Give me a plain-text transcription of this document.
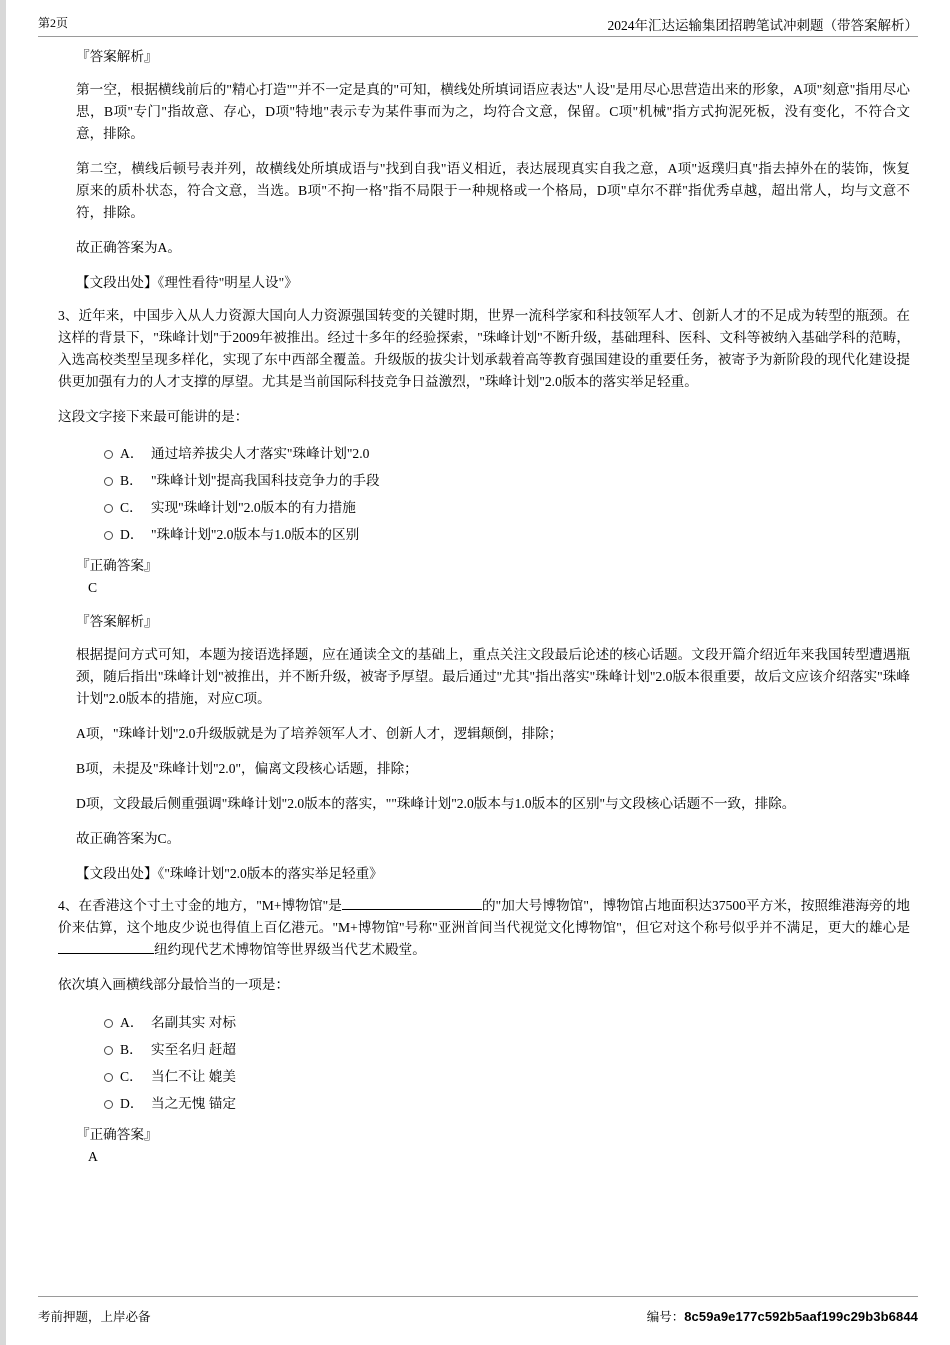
第2页	2024年汇达运输集团招聘笔试冲刺题（带答案解析）
『答案解析』

第一空，根据横线前后的"精心打造""并不一定是真的"可知，横线处所填词语应表达"人设"是用尽心思营造出来的形象，A项"刻意"指用尽心思，B项"专门"指故意、存心，D项"特地"表示专为某件事而为之，均符合文意，保留。C项"机械"指方式拘泥死板，没有变化，不符合文意，排除。

第二空，横线后顿号表并列，故横线处所填成语与"找到自我"语义相近，表达展现真实自我之意，A项"返璞归真"指去掉外在的装饰，恢复原来的质朴状态，符合文意，当选。B项"不拘一格"指不局限于一种规格或一个格局，D项"卓尔不群"指优秀卓越，超出常人，均与文意不符，排除。

故正确答案为A。

【文段出处】《理性看待"明星人设"》

3、近年来，中国步入从人力资源大国向人力资源强国转变的关键时期，世界一流科学家和科技领军人才、创新人才的不足成为转型的瓶颈。在这样的背景下，"珠峰计划"于2009年被推出。经过十多年的经验探索，"珠峰计划"不断升级，基础理科、医科、文科等被纳入基础学科的范畴，入选高校类型呈现多样化，实现了东中西部全覆盖。升级版的拔尖计划承载着高等教育强国建设的重要任务，被寄予为新阶段的现代化建设提供更加强有力的人才支撑的厚望。尤其是当前国际科技竞争日益激烈，"珠峰计划"2.0版本的落实举足轻重。

这段文字接下来最可能讲的是：

A． 通过培养拔尖人才落实"珠峰计划"2.0
B． "珠峰计划"提高我国科技竞争力的手段
C． 实现"珠峰计划"2.0版本的有力措施
D． "珠峰计划"2.0版本与1.0版本的区别
『正确答案』
C
『答案解析』

根据提问方式可知，本题为接语选择题，应在通读全文的基础上，重点关注文段最后论述的核心话题。文段开篇介绍近年来我国转型遭遇瓶颈，随后指出"珠峰计划"被推出，并不断升级，被寄予厚望。最后通过"尤其"指出落实"珠峰计划"2.0版本很重要，故后文应该介绍落实"珠峰计划"2.0版本的措施，对应C项。

A项，"珠峰计划"2.0升级版就是为了培养领军人才、创新人才，逻辑颠倒，排除；

B项，未提及"珠峰计划"2.0"，偏离文段核心话题，排除；

D项，文段最后侧重强调"珠峰计划"2.0版本的落实，""珠峰计划"2.0版本与1.0版本的区别"与文段核心话题不一致，排除。

故正确答案为C。

【文段出处】《"珠峰计划"2.0版本的落实举足轻重》

4、在香港这个寸土寸金的地方，"M+博物馆"是	的"加大号博物馆"，博物馆占地面积达37500平方米，按照维港海旁的地价来估算，这个地皮少说也得值上百亿港元。"M+博物馆"号称"亚洲首间当代视觉文化博物馆"，但它对这个称号似乎并不满足，更大的雄心是纽约现代艺术博物馆等世界级当代艺术殿堂。

依次填入画横线部分最恰当的一项是：

A． 名副其实 对标
B． 实至名归 赶超
C． 当仁不让 媲美
D． 当之无愧 锚定
『正确答案』
A
考前押题，上岸必备	编号：8c59a9e177c592b5aaf199c29b3b6844
